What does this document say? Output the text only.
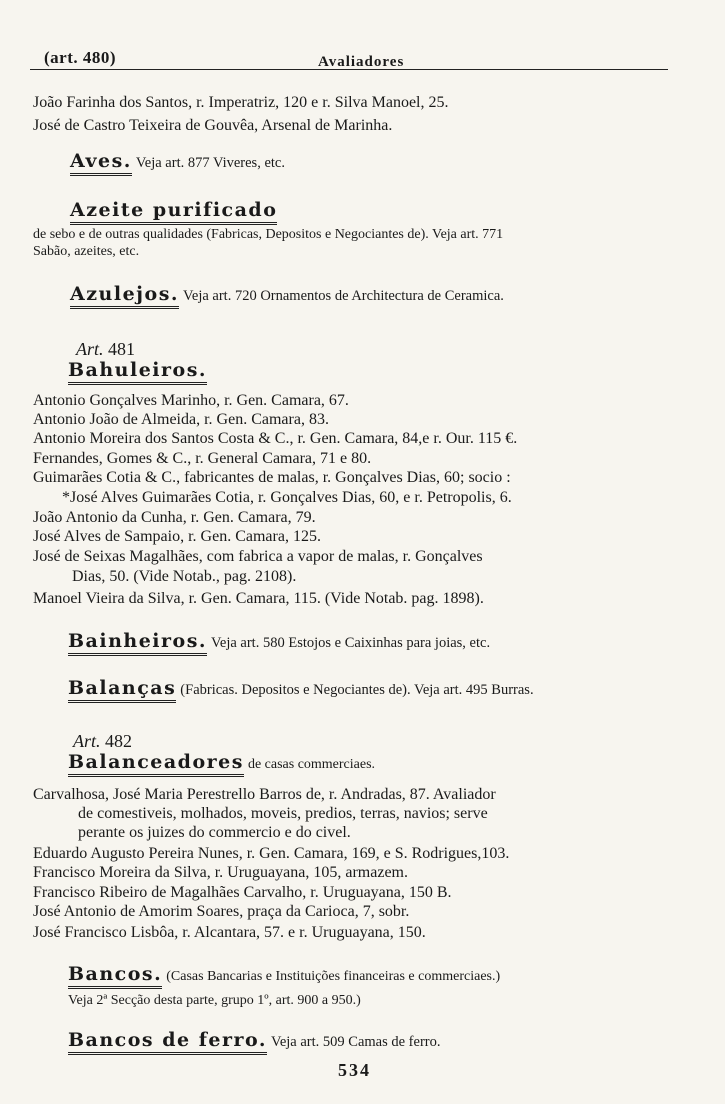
(art. 480)	Avaliadores
João Farinha dos Santos, r. Imperatriz, 120 e r. Silva Manoel, 25.
José de Castro Teixeira de Gouvêa, Arsenal de Marinha.
Aves. Veja art. 877 Viveres, etc.
Azeite purificado
de sebo e de outras qualidades (Fabricas, Depositos e Negociantes de). Veja art. 771
Sabão, azeites, etc.
Azulejos. Veja art. 720 Ornamentos de Architectura de Ceramica.
Art. 481
Bahuleiros.
Antonio Gonçalves Marinho, r. Gen. Camara, 67.
Antonio João de Almeida, r. Gen. Camara, 83.
Antonio Moreira dos Santos Costa & C., r. Gen. Camara, 84,e r. Our. 115 €.
Fernandes, Gomes & C., r. General Camara, 71 e 80.
Guimarães Cotia & C., fabricantes de malas, r. Gonçalves Dias, 60; socio :
*José Alves Guimarães Cotia, r. Gonçalves Dias, 60, e r. Petropolis, 6.
João Antonio da Cunha, r. Gen. Camara, 79.
José Alves de Sampaio, r. Gen. Camara, 125.
José de Seixas Magalhães, com fabrica a vapor de malas, r. Gonçalves
Dias, 50. (Vide Notab., pag. 2108).
Manoel Vieira da Silva, r. Gen. Camara, 115. (Vide Notab. pag. 1898).
Bainheiros. Veja art. 580 Estojos e Caixinhas para joias, etc.
Balanças (Fabricas. Depositos e Negociantes de). Veja art. 495 Burras.
Art. 482
Balanceadores de casas commerciaes.
Carvalhosa, José Maria Perestrello Barros de, r. Andradas, 87. Avaliador
de comestiveis, molhados, moveis, predios, terras, navios; serve
perante os juizes do commercio e do civel.
Eduardo Augusto Pereira Nunes, r. Gen. Camara, 169, e S. Rodrigues,103.
Francisco Moreira da Silva, r. Uruguayana, 105, armazem.
Francisco Ribeiro de Magalhães Carvalho, r. Uruguayana, 150 B.
José Antonio de Amorim Soares, praça da Carioca, 7, sobr.
José Francisco Lisbôa, r. Alcantara, 57. e r. Uruguayana, 150.
Bancos. (Casas Bancarias e Instituições financeiras e commerciaes.)
Veja 2ª Secção desta parte, grupo 1º, art. 900 a 950.)
Bancos de ferro. Veja art. 509 Camas de ferro.
534
